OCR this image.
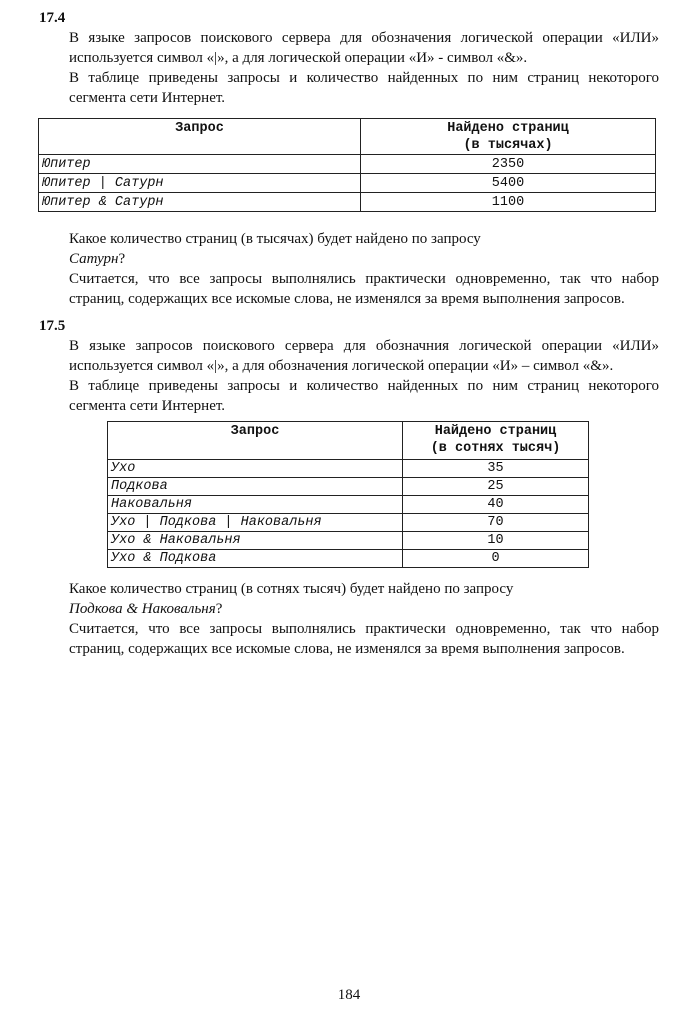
17.4

В языке запросов поискового сервера для обозначения логической операции «ИЛИ» используется символ «|», а для логической операции «И» - символ «&».

В таблице приведены запросы и количество найденных по ним страниц некоторого сегмента сети Интернет.

Запрос	Найдено страниц
(в тысячах)

Юпитер	2350
Юпитер | Сатурн	5400
Юпитер & Сатурн	1100

Какое количество страниц (в тысячах) будет найдено по запросу

Сатурн?

Считается, что все запросы выполнялись практически одновременно, так что набор страниц, содержащих все искомые слова, не изменялся за время выполнения запросов.

17.5

В языке запросов поискового сервера для обозначния логической операции «ИЛИ» используется символ «|», а для обозначения логической операции «И» – символ «&».

В таблице приведены запросы и количество найденных по ним страниц некоторого сегмента сети Интернет.

Запрос	Найдено страниц
(в сотнях тысяч)

Ухо	35
Подкова	25
Наковальня	40
Ухо | Подкова | Наковальня	70
Ухо & Наковальня	10
Ухо & Подкова	0

Какое количество страниц (в сотнях тысяч) будет найдено по запросу

Подкова & Наковальня?

Считается, что все запросы выполнялись практически одновременно, так что набор страниц, содержащих все искомые слова, не изменялся за время выполнения запросов.

184
